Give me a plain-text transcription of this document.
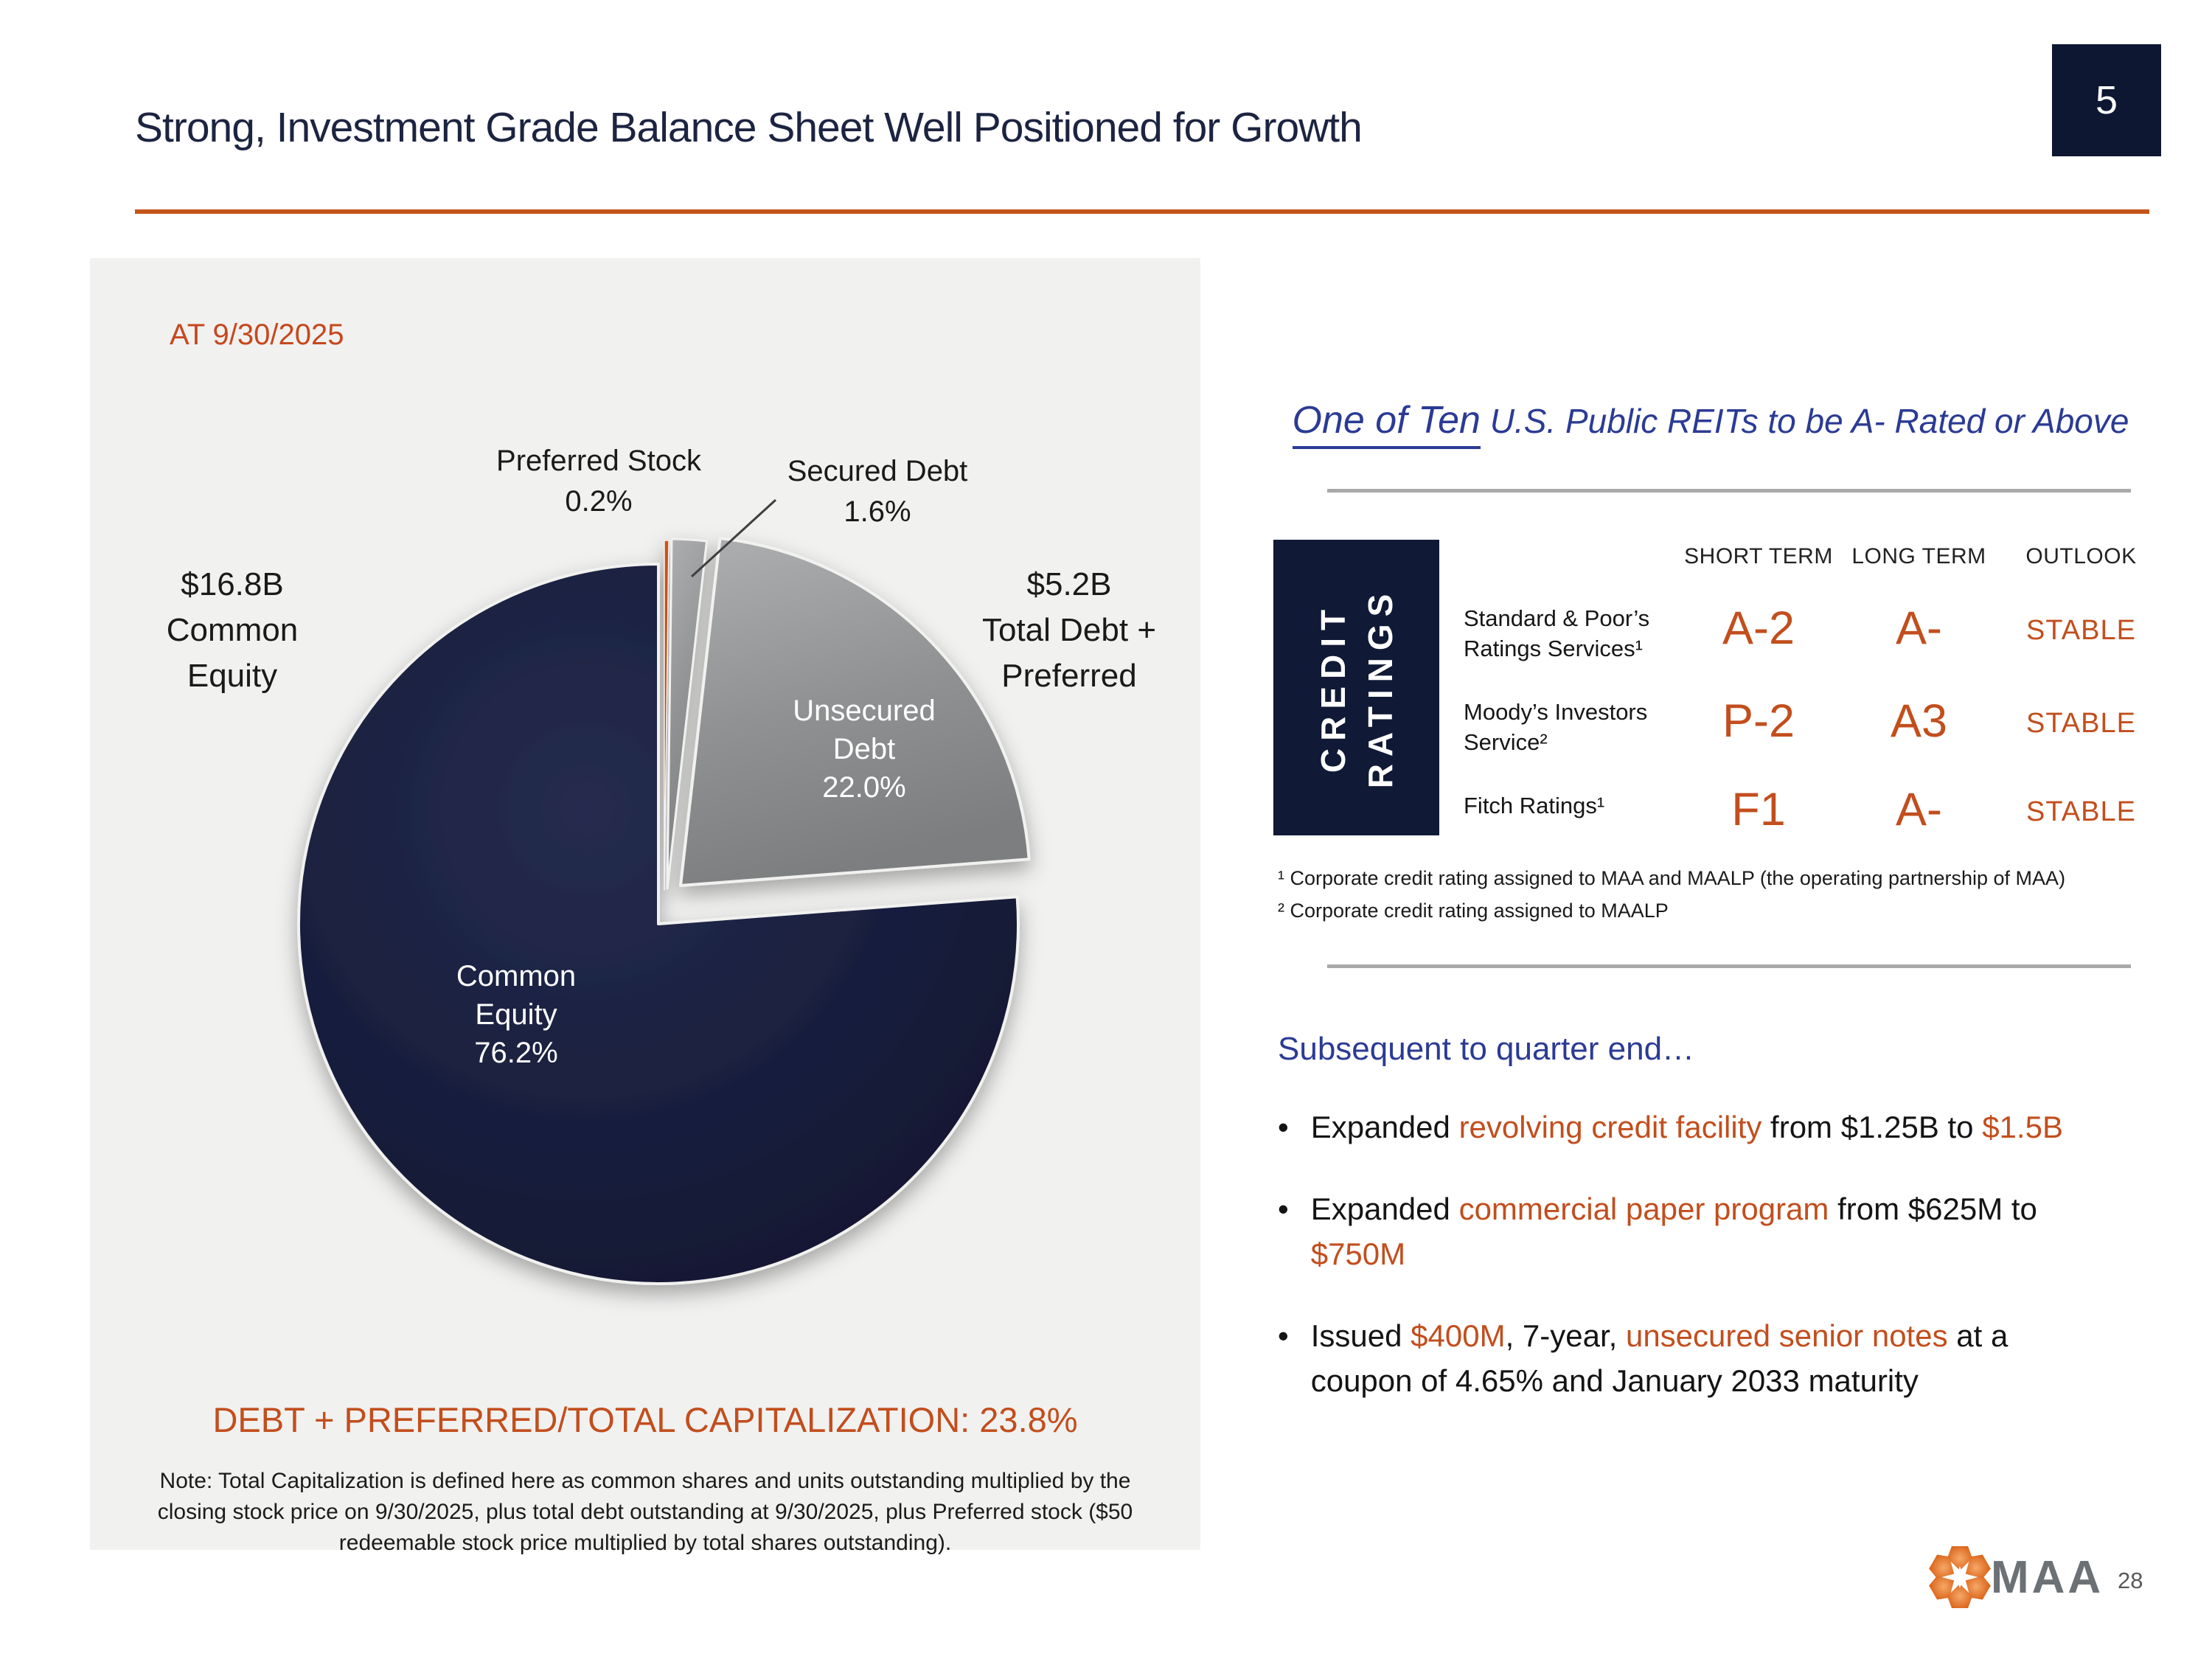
Strong, Investment Grade Balance Sheet Well Positioned for Growth
5
AT 9/30/2025
Preferred Stock
0.2%
Secured Debt
1.6%
$16.8B
Common
Equity
$5.2B
Total Debt +
Preferred
Unsecured Debt
22.0%
Common Equity
76.2%
DEBT + PREFERRED/TOTAL CAPITALIZATION: 23.8%
Note: Total Capitalization is defined here as common shares and units outstanding multiplied by the closing stock price on 9/30/2025, plus total debt outstanding at 9/30/2025, plus Preferred stock ($50 redeemable stock price multiplied by total shares outstanding).
One of Ten U.S. Public REITs to be A- Rated or Above
CREDIT RATINGS
SHORT TERM LONG TERM	OUTLOOK
Standard & Poor’s Ratings Services¹	A-2	A-	STABLE
Moody’s Investors Service²	P-2	A3	STABLE
Fitch Ratings¹	F1	A-	STABLE
¹ Corporate credit rating assigned to MAA and MAALP (the operating partnership of MAA)
² Corporate credit rating assigned to MAALP
Subsequent to quarter end…
• Expanded revolving credit facility from $1.25B to $1.5B
• Expanded commercial paper program from $625M to $750M
• Issued $400M, 7-year, unsecured senior notes at a coupon of 4.65% and January 2033 maturity
MAA 28
